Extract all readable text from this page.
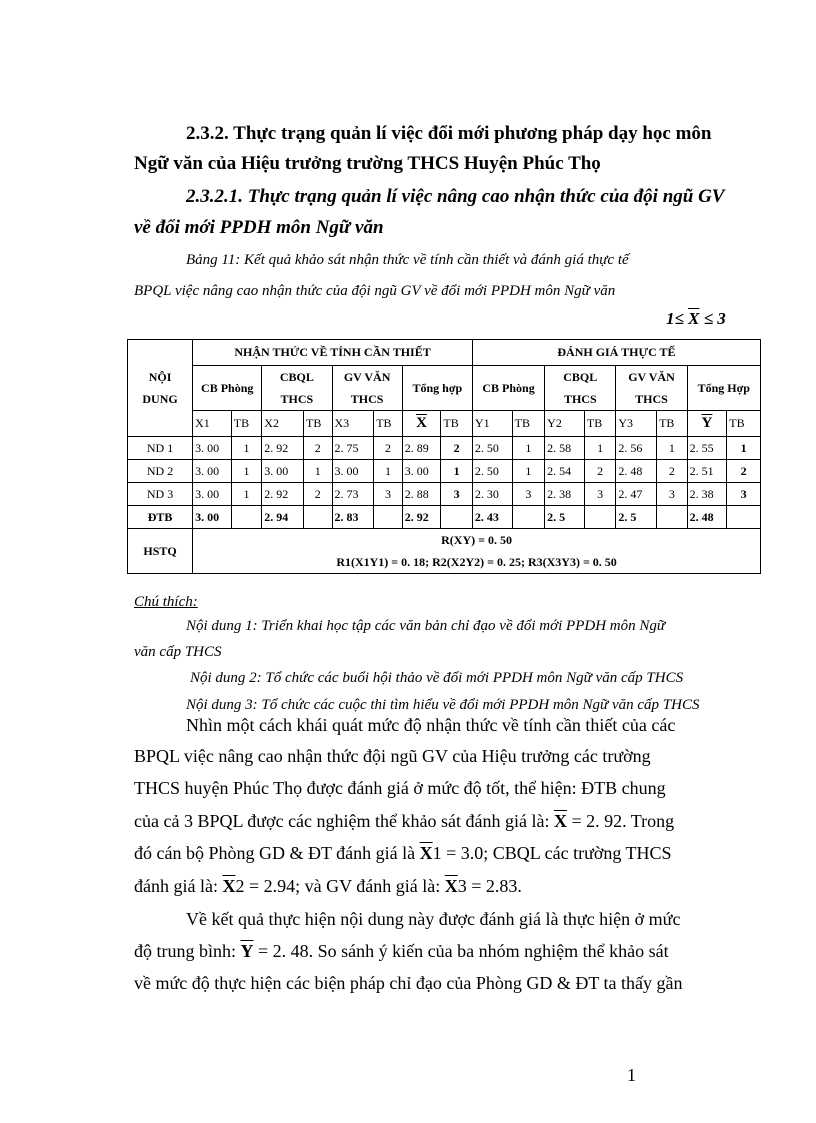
2.3.2. Thực trạng quản lí việc đổi mới phương pháp dạy học môn
Ngữ văn của Hiệu trưởng trường THCS Huyện Phúc Thọ
2.3.2.1. Thực trạng quản lí việc nâng cao nhận thức của đội ngũ GV
về đổi mới PPDH môn Ngữ văn
Bảng 11: Kết quả khảo sát nhận thức về tính cần thiết và đánh giá thực tế
BPQL việc nâng cao nhận thức của đội ngũ GV về đổi mới PPDH môn Ngữ văn
$1\le \overline{X} \le 3$
NỘI DUNG	NHẬN THỨC VỀ TÍNH CẦN THIẾT								ĐÁNH GIÁ THỰC TẾ							
	CB Phòng		CBQL THCS		GV VĂN THCS		Tổng hợp		CB Phòng		CBQL THCS		GV VĂN THCS		Tổng Hợp	
	X1	TB	X2	TB	X3	TB	$\overline{X}$	TB	Y1	TB	Y2	TB	Y3	TB	$\overline{Y}$	TB
ND 1	3. 00	1	2. 92	2	2. 75	2	2. 89	2	2. 50	1	2. 58	1	2. 56	1	2. 55	1
ND 2	3. 00	1	3. 00	1	3. 00	1	3. 00	1	2. 50	1	2. 54	2	2. 48	2	2. 51	2
ND 3	3. 00	1	2. 92	2	2. 73	3	2. 88	3	2. 30	3	2. 38	3	2. 47	3	2. 38	3
ĐTB	3. 00		2. 94		2. 83		2. 92		2. 43		2. 5		2. 5		2. 48	
HSTQ	R(XY) = 0. 50
R1(X1Y1) = 0. 18; R2(X2Y2) = 0. 25; R3(X3Y3) = 0. 50															
Chú thích:
Nội dung 1: Triển khai học tập các văn bản chỉ đạo về đổi mới PPDH môn Ngữ
văn cấp THCS
Nội dung 2: Tổ chức các buổi hội thảo về đổi mới PPDH môn Ngữ văn cấp THCS
Nội dung 3: Tổ chức các cuộc thi tìm hiểu về đổi mới PPDH môn Ngữ văn cấp THCS
Nhìn một cách khái quát mức độ nhận thức về tính cần thiết của các
BPQL việc nâng cao nhận thức đội ngũ GV của Hiệu trưởng các trường
THCS huyện Phúc Thọ được đánh giá ở mức độ tốt, thể hiện: ĐTB chung
của cả 3 BPQL được các nghiệm thể khảo sát đánh giá là: $\overline{X} = 2$. 92. Trong
đó cán bộ Phòng GD & ĐT đánh giá là $\overline{X}1 = 3.0$; CBQL các trường THCS
đánh giá là: $\overline{X}2 = 2.94$; và GV đánh giá là: $\overline{X}3 = 2.83$.
Về kết quả thực hiện nội dung này được đánh giá là thực hiện ở mức
độ trung bình: $\overline{Y} = 2$. 48. So sánh ý kiến của ba nhóm nghiệm thể khảo sát
về mức độ thực hiện các biện pháp chỉ đạo của Phòng GD & ĐT ta thấy gần
1
